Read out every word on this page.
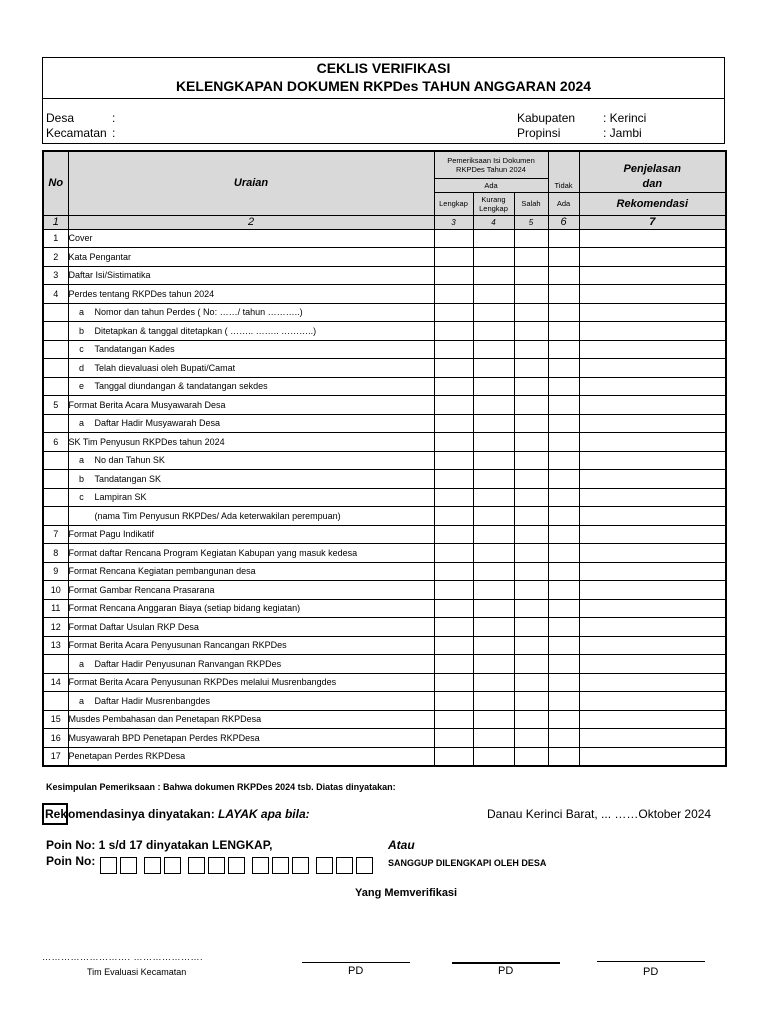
CEKLIS VERIFIKASI
KELENGKAPAN DOKUMEN RKPDes TAHUN ANGGARAN 2024
Desa	:	Kabupaten : Kerinci
Kecamatan :	Propinsi	: Jambi
No	Uraian	Pemeriksaan Isi Dokumen RKPDes Tahun 2024			Tidak	Penjelasan
dan

		Ada				
		Lengkap	Kurang Lengkap	Salah	Ada	Rekomendasi
1	2	3	4	5	6	7
1	Cover					
2	Kata Pengantar					
3	Daftar Isi/Sistimatika					
4	Perdes tentang RKPDes tahun 2024					
	a Nomor dan tahun Perdes ( No: ……/ tahun ………..)					
	b Ditetapkan & tanggal ditetapkan ( …….. …….. ………..)					
	c Tandatangan Kades					
	d Telah dievaluasi oleh Bupati/Camat					
	e Tanggal diundangan & tandatangan sekdes					
5	Format Berita Acara Musyawarah Desa					
	a Daftar Hadir Musyawarah Desa					
6	SK Tim Penyusun RKPDes tahun 2024					
	a No dan Tahun SK					
	b Tandatangan SK					
	c Lampiran SK					
	(nama Tim Penyusun RKPDes/ Ada keterwakilan perempuan)					
7	Format Pagu Indikatif					
8	Format daftar Rencana Program Kegiatan Kabupan yang masuk kedesa					
9	Format Rencana Kegiatan pembangunan desa					
10	Format Gambar Rencana Prasarana					
11	Format Rencana Anggaran Biaya (setiap bidang kegiatan)					
12	Format Daftar Usulan RKP Desa					
13	Format Berita Acara Penyusunan Rancangan RKPDes					
	a Daftar Hadir Penyusunan Ranvangan RKPDes					
14	Format Berita Acara Penyusunan RKPDes melalui Musrenbangdes					
	a Daftar Hadir Musrenbangdes					
15	Musdes Pembahasan dan Penetapan RKPDesa					
16	Musyawarah BPD Penetapan Perdes RKPDesa					
17	Penetapan Perdes RKPDesa					
Kesimpulan Pemeriksaan : Bahwa dokumen RKPDes 2024 tsb. Diatas dinyatakan:
Rekomendasinya dinyatakan: LAYAK apa bila:	Danau Kerinci Barat, ... ……Oktober 2024
Poin No: 1 s/d 17 dinyatakan LENGKAP,	Atau
Poin No:	SANGGUP DILENGKAPI OLEH DESA
Yang Memverifikasi
………………………. ………………….
Tim Evaluasi Kecamatan	PD	PD	PD
